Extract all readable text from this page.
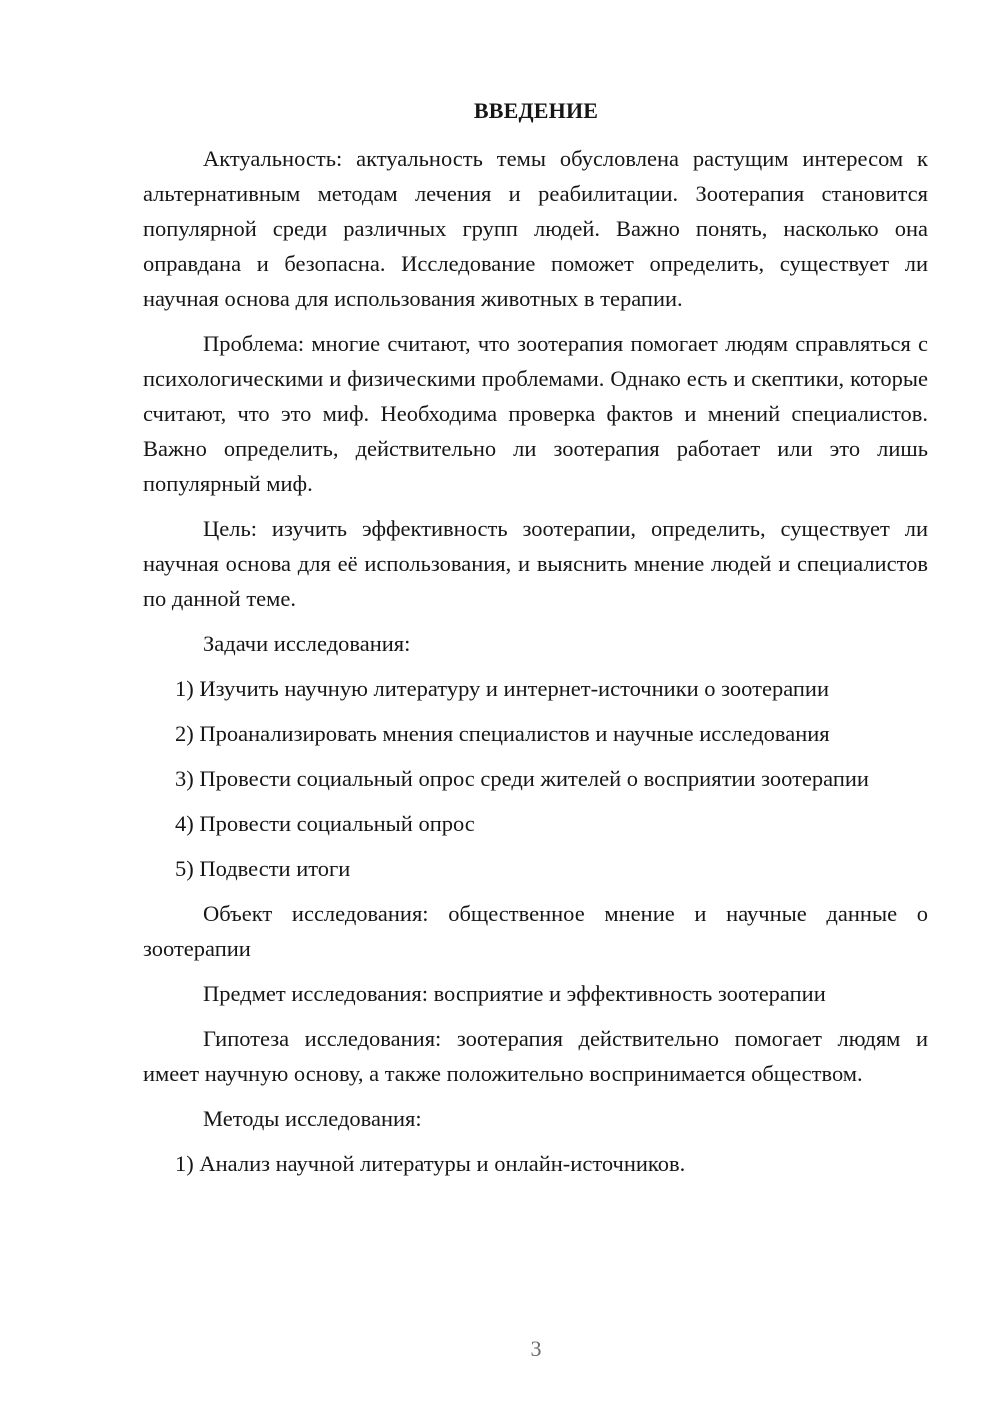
ВВЕДЕНИЕ

Актуальность: актуальность темы обусловлена растущим интересом к альтернативным методам лечения и реабилитации. Зоотерапия становится популярной среди различных групп людей. Важно понять, насколько она оправдана и безопасна. Исследование поможет определить, существует ли научная основа для использования животных в терапии.

Проблема: многие считают, что зоотерапия помогает людям справляться с психологическими и физическими проблемами. Однако есть и скептики, которые считают, что это миф. Необходима проверка фактов и мнений специалистов. Важно определить, действительно ли зоотерапия работает или это лишь популярный миф.

Цель: изучить эффективность зоотерапии, определить, существует ли научная основа для её использования, и выяснить мнение людей и специалистов по данной теме.

Задачи исследования:

1) Изучить научную литературу и интернет-источники о зоотерапии

2) Проанализировать мнения специалистов и научные исследования

3) Провести социальный опрос среди жителей о восприятии зоотерапии

4) Провести социальный опрос

5) Подвести итоги

Объект исследования: общественное мнение и научные данные о зоотерапии

Предмет исследования: восприятие и эффективность зоотерапии

Гипотеза исследования: зоотерапия действительно помогает людям и имеет научную основу, а также положительно воспринимается обществом.

Методы исследования:

1) Анализ научной литературы и онлайн-источников.

3
